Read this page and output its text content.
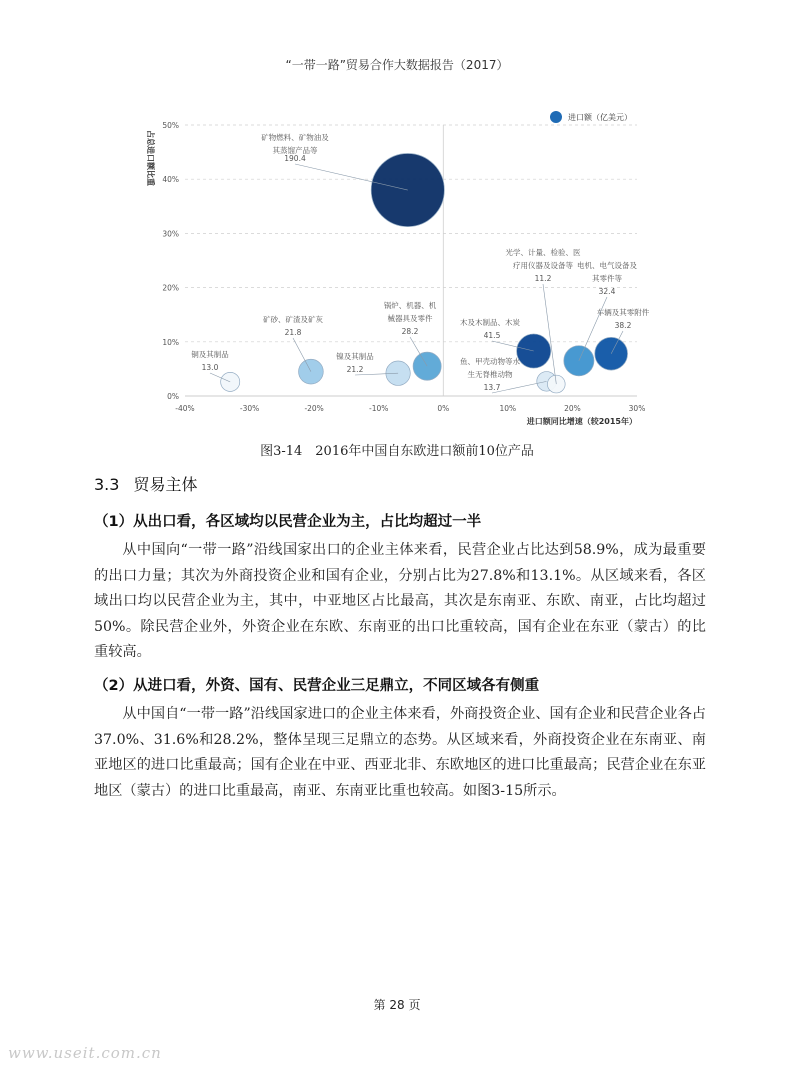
“一带一路”贸易合作大数据报告（2017）
0%
10%
20%
30%
40%
50%
-40%	-30%	-20%	-10%	0%	10%	20%	30%
进口额同比增速（较2015年）
占总进口额比重
进口额（亿美元）
矿物燃料、矿物油及
其蒸馏产品等
190.4
车辆及其零附件
38.2
木及木制品、木炭
41.5
电机、电气设备及
其零件等
32.4
锅炉、机器、机
械器具及零件
28.2
矿砂、矿渣及矿灰
21.8
镍及其制品
21.2
铜及其制品
13.0
鱼、甲壳动物等水
生无脊椎动物
13.7
光学、计量、检验、医
疗用仪器及设备等
11.2
图3-14　2016年中国自东欧进口额前10位产品
3.3 贸易主体
（1）从出口看，各区域均以民营企业为主，占比均超过一半
从中国向“一带一路”沿线国家出口的企业主体来看，民营企业占比达到58.9%，成为最重要的出口力量；其次为外商投资企业和国有企业，分别占比为27.8%和13.1%。从区域来看，各区域出口均以民营企业为主，其中，中亚地区占比最高，其次是东南亚、东欧、南亚，占比均超过50%。除民营企业外，外资企业在东欧、东南亚的出口比重较高，国有企业在东亚（蒙古）的比重较高。
（2）从进口看，外资、国有、民营企业三足鼎立，不同区域各有侧重
从中国自“一带一路”沿线国家进口的企业主体来看，外商投资企业、国有企业和民营企业各占37.0%、31.6%和28.2%，整体呈现三足鼎立的态势。从区域来看，外商投资企业在东南亚、南亚地区的进口比重最高；国有企业在中亚、西亚北非、东欧地区的进口比重最高；民营企业在东亚地区（蒙古）的进口比重最高，南亚、东南亚比重也较高。如图3-15所示。
第 28 页
www.useit.com.cn
